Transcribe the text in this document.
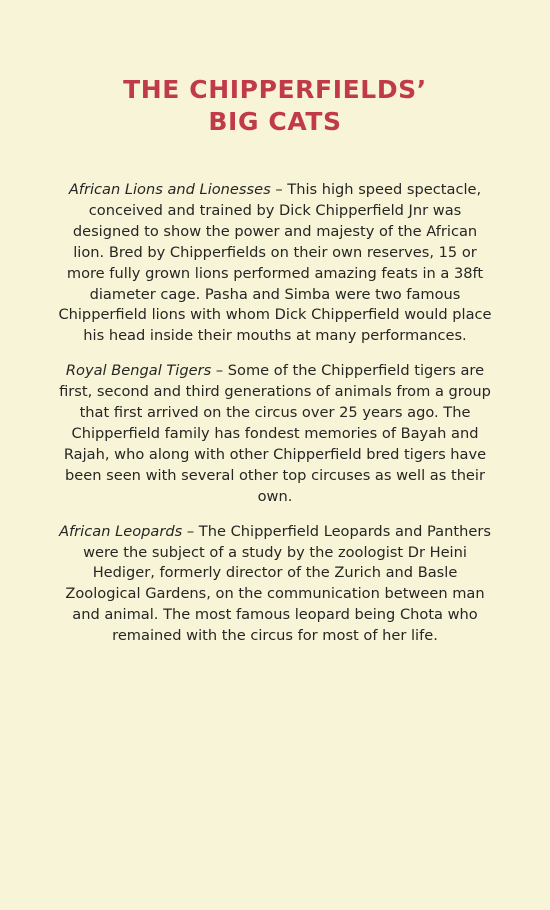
THE CHIPPERFIELDS’
BIG CATS

African Lions and Lionesses – This high speed spectacle, conceived and trained by Dick Chipperfield Jnr was designed to show the power and majesty of the African lion. Bred by Chipperfields on their own reserves, 15 or more fully grown lions performed amazing feats in a 38ft diameter cage. Pasha and Simba were two famous Chipperfield lions with whom Dick Chipperfield would place his head inside their mouths at many performances.

Royal Bengal Tigers – Some of the Chipperfield tigers are first, second and third generations of animals from a group that first arrived on the circus over 25 years ago. The Chipperfield family has fondest memories of Bayah and Rajah, who along with other Chipperfield bred tigers have been seen with several other top circuses as well as their own.

African Leopards – The Chipperfield Leopards and Panthers were the subject of a study by the zoologist Dr Heini Hediger, formerly director of the Zurich and Basle Zoological Gardens, on the communication between man and animal. The most famous leopard being Chota who remained with the circus for most of her life.
